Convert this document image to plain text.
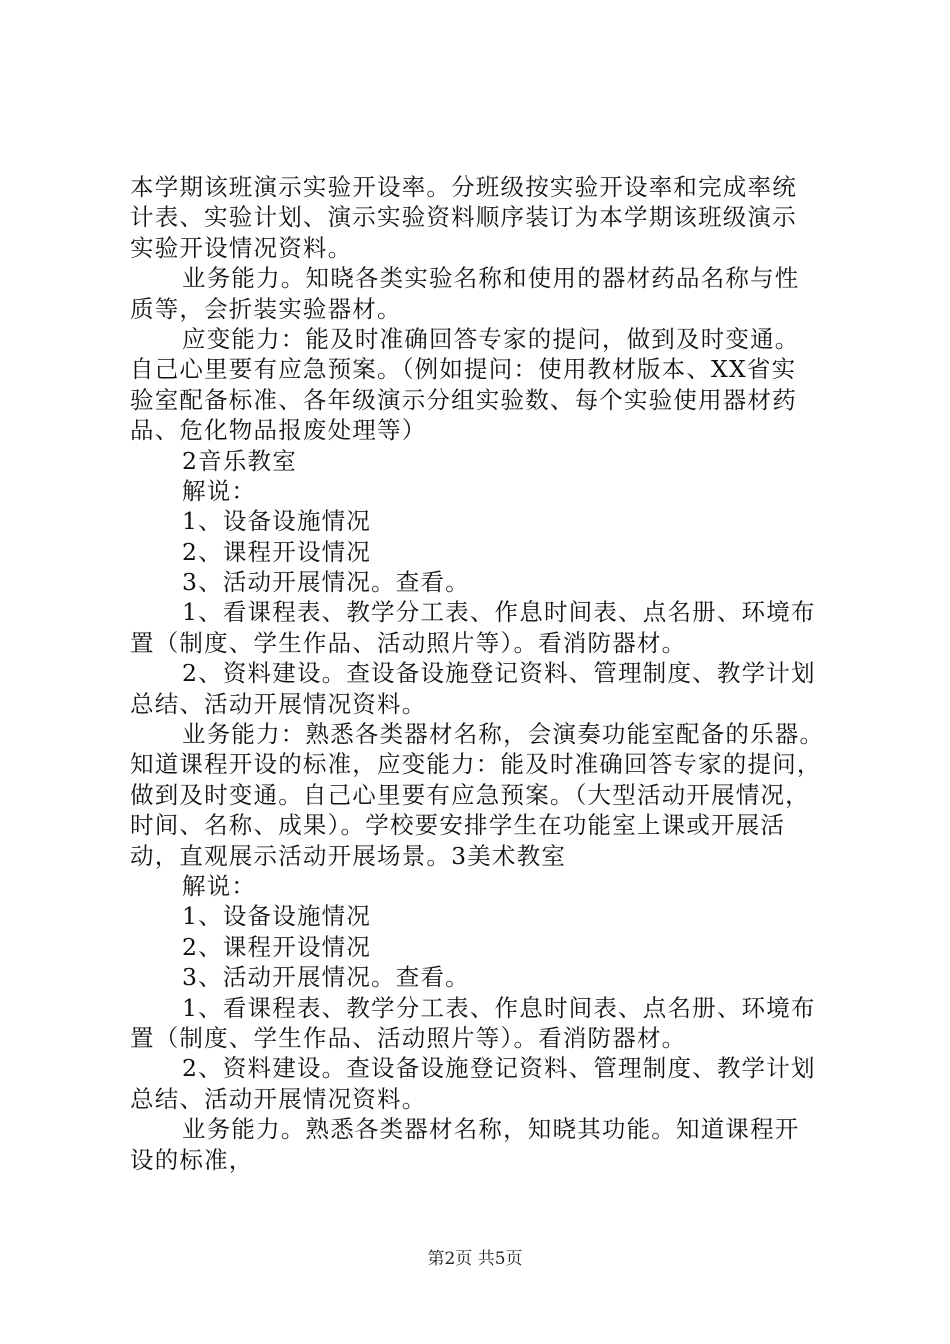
本学期该班演示实验开设率。分班级按实验开设率和完成率统
计表、实验计划、演示实验资料顺序装订为本学期该班级演示
实验开设情况资料。
业务能力。知晓各类实验名称和使用的器材药品名称与性
质等，会折装实验器材。
应变能力：能及时准确回答专家的提问，做到及时变通。
自己心里要有应急预案。（例如提问：使用教材版本、XX省实
验室配备标准、各年级演示分组实验数、每个实验使用器材药
品、危化物品报废处理等）
2音乐教室
解说：
1、设备设施情况
2、课程开设情况
3、活动开展情况。查看。
1、看课程表、教学分工表、作息时间表、点名册、环境布
置（制度、学生作品、活动照片等）。看消防器材。
2、资料建设。查设备设施登记资料、管理制度、教学计划
总结、活动开展情况资料。
业务能力：熟悉各类器材名称，会演奏功能室配备的乐器。
知道课程开设的标准，应变能力：能及时准确回答专家的提问，
做到及时变通。自己心里要有应急预案。（大型活动开展情况，
时间、名称、成果）。学校要安排学生在功能室上课或开展活
动，直观展示活动开展场景。3美术教室
解说：
1、设备设施情况
2、课程开设情况
3、活动开展情况。查看。
1、看课程表、教学分工表、作息时间表、点名册、环境布
置（制度、学生作品、活动照片等）。看消防器材。
2、资料建设。查设备设施登记资料、管理制度、教学计划
总结、活动开展情况资料。
业务能力。熟悉各类器材名称，知晓其功能。知道课程开
设的标准，
第2页 共5页
